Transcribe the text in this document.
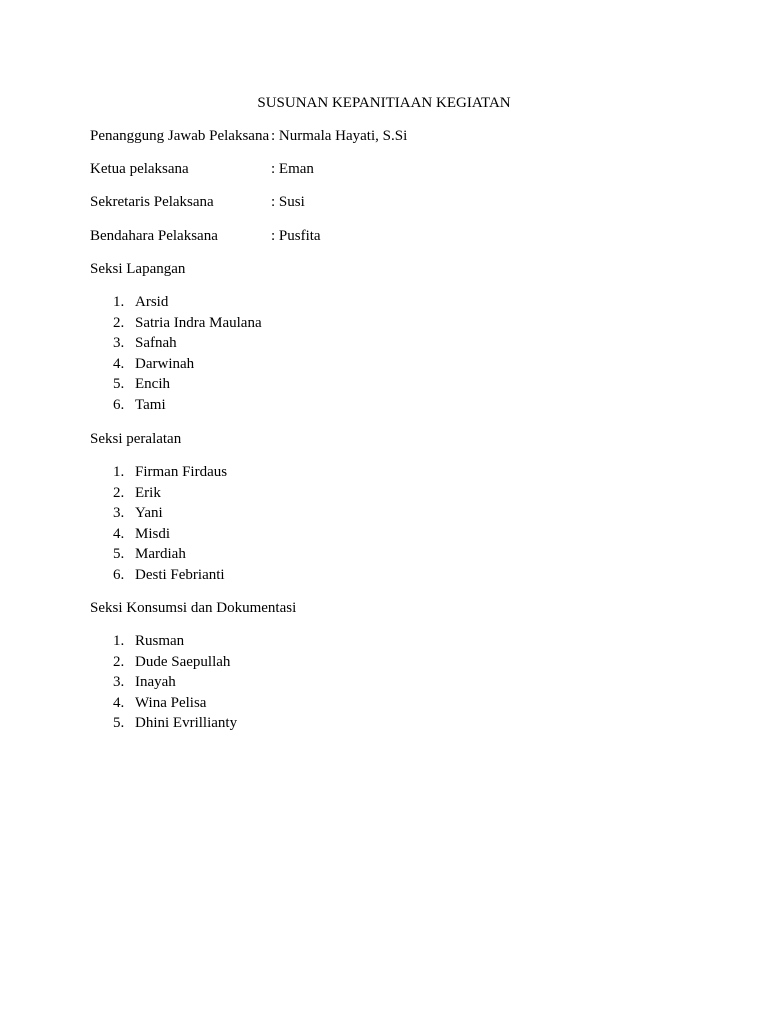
SUSUNAN KEPANITIAAN KEGIATAN
Penanggung Jawab Pelaksana : Nurmala Hayati, S.Si
Ketua pelaksana	: Eman
Sekretaris Pelaksana	: Susi
Bendahara Pelaksana	: Pusfita
Seksi Lapangan
1. Arsid
2. Satria Indra Maulana
3. Safnah
4. Darwinah
5. Encih
6. Tami
Seksi peralatan
1. Firman Firdaus
2. Erik
3. Yani
4. Misdi
5. Mardiah
6. Desti Febrianti
Seksi Konsumsi dan Dokumentasi
1. Rusman
2. Dude Saepullah
3. Inayah
4. Wina Pelisa
5. Dhini Evrillianty
